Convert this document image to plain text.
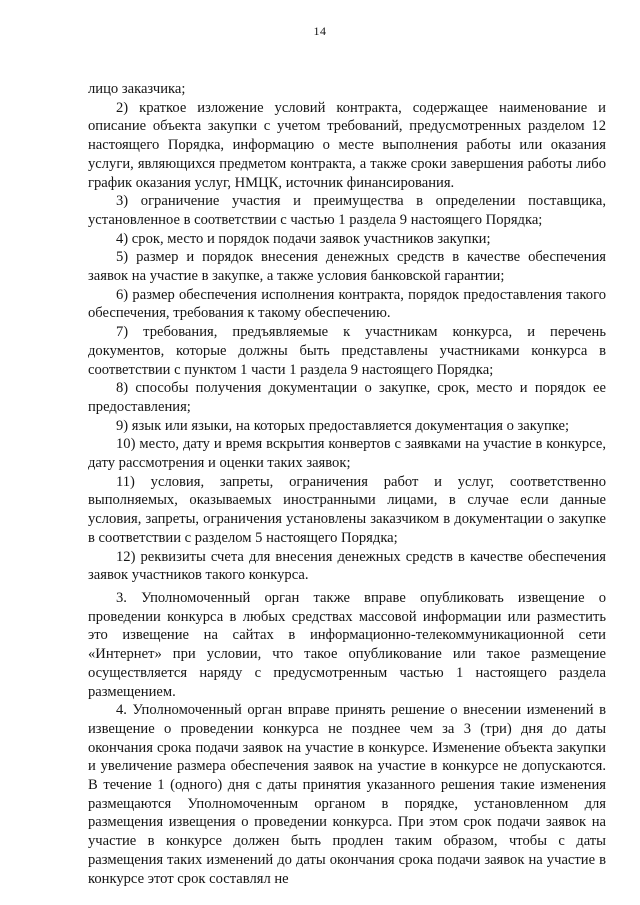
14

лицо заказчика;

2) краткое изложение условий контракта, содержащее наименование и описание объекта закупки с учетом требований, предусмотренных разделом 12 настоящего Порядка, информацию о месте выполнения работы или оказания услуги, являющихся предметом контракта, а также сроки завершения работы либо график оказания услуг, НМЦК, источник финансирования.

3) ограничение участия и преимущества в определении поставщика, установленное в соответствии с частью 1 раздела 9 настоящего Порядка;

4) срок, место и порядок подачи заявок участников закупки;

5) размер и порядок внесения денежных средств в качестве обеспечения заявок на участие в закупке, а также условия банковской гарантии;

6) размер обеспечения исполнения контракта, порядок предоставления такого обеспечения, требования к такому обеспечению.

7) требования, предъявляемые к участникам конкурса, и перечень документов, которые должны быть представлены участниками конкурса в соответствии с пунктом 1 части 1 раздела 9 настоящего Порядка;

8) способы получения документации о закупке, срок, место и порядок ее предоставления;

9) язык или языки, на которых предоставляется документация о закупке;

10) место, дату и время вскрытия конвертов с заявками на участие в конкурсе, дату рассмотрения и оценки таких заявок;

11) условия, запреты, ограничения работ и услуг, соответственно выполняемых, оказываемых иностранными лицами, в случае если данные условия, запреты, ограничения установлены заказчиком в документации о закупке в соответствии с разделом 5 настоящего Порядка;

12) реквизиты счета для внесения денежных средств в качестве обеспечения заявок участников такого конкурса.

3. Уполномоченный орган также вправе опубликовать извещение о проведении конкурса в любых средствах массовой информации или разместить это извещение на сайтах в информационно-телекоммуникационной сети «Интернет» при условии, что такое опубликование или такое размещение осуществляется наряду с предусмотренным частью 1 настоящего раздела размещением.

4. Уполномоченный орган вправе принять решение о внесении изменений в извещение о проведении конкурса не позднее чем за 3 (три) дня до даты окончания срока подачи заявок на участие в конкурсе. Изменение объекта закупки и увеличение размера обеспечения заявок на участие в конкурсе не допускаются. В течение 1 (одного) дня с даты принятия указанного решения такие изменения размещаются Уполномоченным органом в порядке, установленном для размещения извещения о проведении конкурса. При этом срок подачи заявок на участие в конкурсе должен быть продлен таким образом, чтобы с даты размещения таких изменений до даты окончания срока подачи заявок на участие в конкурсе этот срок составлял не
